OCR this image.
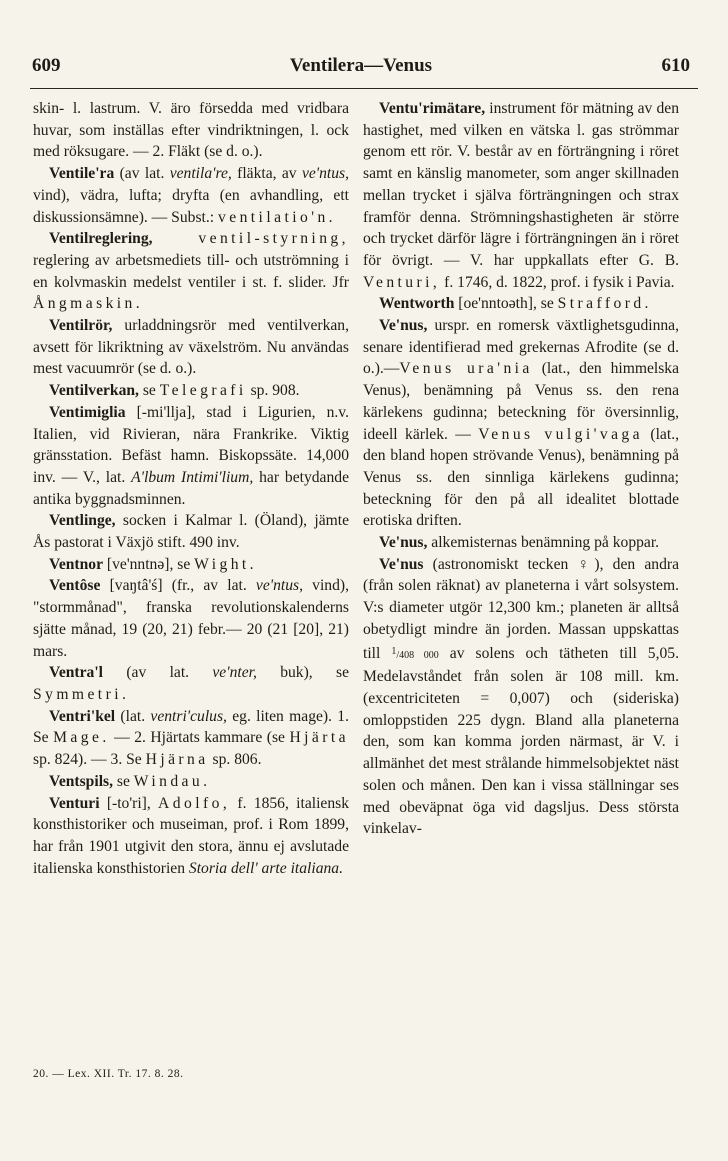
609	Ventilera—Venus	610

skin- l. lastrum. V. äro försedda med vridbara huvar, som inställas efter vindriktningen, l. ock med röksugare. — 2. Fläkt (se d. o.).

Ventile'ra (av lat. ventila're, fläkta, av ve'ntus, vind), vädra, lufta; dryfta (en avhandling, ett diskussionsämne). — Subst.: ventilatio'n.

Ventilreglering,	ventil-styrning, reglering av arbetsmediets till- och utströmning i en kolvmaskin medelst ventiler i st. f. slider. Jfr Ångmaskin.

Ventilrör, urladdningsrör med ventilverkan, avsett för likriktning av växelström. Nu användas mest vacuumrör (se d. o.).

Ventilverkan, se Telegrafi sp. 908.

Ventimiglia [-mi'llja], stad i Ligurien, n.v. Italien, vid Rivieran, nära Frankrike. Viktig gränsstation. Befäst hamn. Biskopssäte. 14,000 inv. — V., lat. A'lbum Intimi'lium, har betydande antika byggnadsminnen.

Ventlinge, socken i Kalmar l. (Öland), jämte Ås pastorat i Växjö stift. 490 inv.

Ventnor [ve'nntnə], se Wight.

Ventôse [vaŋtâ'ś] (fr., av lat. ve'ntus, vind), "stormmånad", franska revolutionskalenderns sjätte månad, 19 (20, 21) febr.— 20 (21 [20], 21) mars.

Ventra'l (av lat. ve'nter, buk), se Symmetri.

Ventri'kel (lat. ventri'culus, eg. liten mage). 1. Se Mage. — 2. Hjärtats kammare (se Hjärta sp. 824). — 3. Se Hjärna sp. 806.

Ventspils, se Windau.

Venturi [-to'ri], Adolfo, f. 1856, italiensk konsthistoriker och museiman, prof. i Rom 1899, har från 1901 utgivit den stora, ännu ej avslutade italienska konsthistorien Storia dell' arte italiana.

Ventu'rimätare, instrument för mätning av den hastighet, med vilken en vätska l. gas strömmar genom ett rör. V. består av en förträngning i röret samt en känslig manometer, som anger skillnaden mellan trycket i själva förträngningen och strax framför denna. Strömningshastigheten är större och trycket därför lägre i förträngningen än i röret för övrigt. — V. har uppkallats efter G. B. Venturi, f. 1746, d. 1822, prof. i fysik i Pavia.

Wentworth [oe'nntoəth], se Strafford.

Ve'nus, urspr. en romersk växtlighetsgudinna, senare identifierad med grekernas Afrodite (se d. o.).—Venus ura'nia (lat., den himmelska Venus), benämning på Venus ss. den rena kärlekens gudinna; beteckning för översinnlig, ideell kärlek. — Venus vulgi'vaga (lat., den bland hopen strövande Venus), benämning på Venus ss. den sinnliga kärlekens gudinna; beteckning för den på all idealitet blottade erotiska driften.

Ve'nus, alkemisternas benämning på koppar.

Ve'nus (astronomiskt tecken ♀), den andra (från solen räknat) av planeterna i vårt solsystem. V:s diameter utgör 12,300 km.; planeten är alltså obetydligt mindre än jorden. Massan uppskattas till $^1$/408 000 av solens och tätheten till 5,05. Medelavståndet från solen är 108 mill. km. (excentriciteten = 0,007) och (sideriska) omloppstiden 225 dygn. Bland alla planeterna den, som kan komma jorden närmast, är V. i allmänhet det mest strålande himmelsobjektet näst solen och månen. Den kan i vissa ställningar ses med obeväpnat öga vid dagsljus. Dess största vinkelav-

20. — Lex. XII. Tr. 17. 8. 28.
